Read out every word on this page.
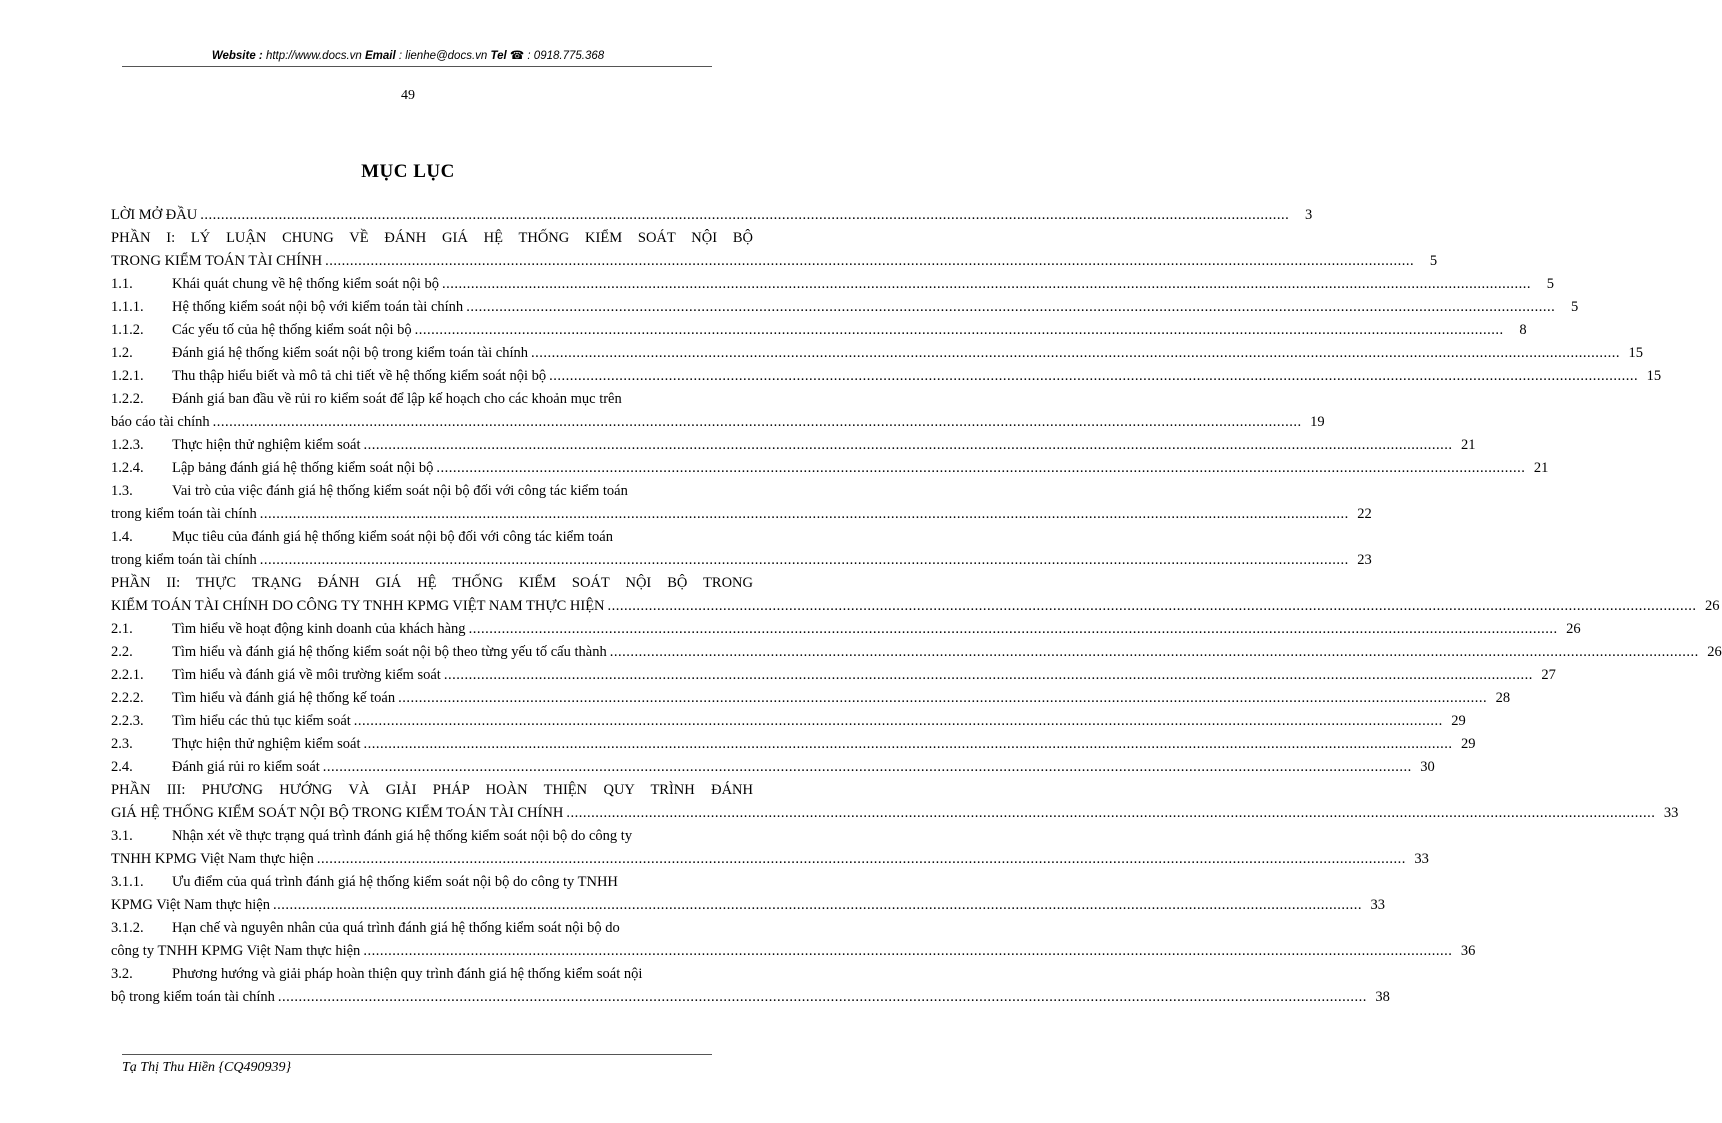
Website : http://www.docs.vn Email : lienhe@docs.vn Tel ☎ : 0918.775.368
49
MỤC LỤC
LỜI MỞ ĐẦU .....	3
PHẦN I: LÝ LUẬN CHUNG VỀ ĐÁNH GIÁ HỆ THỐNG KIỂM SOÁT NỘI BỘ
TRONG KIỂM TOÁN TÀI CHÍNH .....	5
1.1.	Khái quát chung về hệ thống kiểm soát nội bộ .....	5
1.1.1.	Hệ thống kiểm soát nội bộ với kiểm toán tài chính .....	5
1.1.2.	Các yếu tố của hệ thống kiểm soát nội bộ .....	8
1.2.	Đánh giá hệ thống kiểm soát nội bộ trong kiểm toán tài chính .....	15
1.2.1.	Thu thập hiểu biết và mô tả chi tiết về hệ thống kiểm soát nội bộ .....	15
1.2.2.	Đánh giá ban đầu về rủi ro kiểm soát để lập kế hoạch cho các khoản mục trên
báo cáo tài chính .....	19
1.2.3.	Thực hiện thử nghiệm kiểm soát .....	21
1.2.4.	Lập bảng đánh giá hệ thống kiểm soát nội bộ .....	21
1.3.	Vai trò của việc đánh giá hệ thống kiểm soát nội bộ đối với công tác kiểm toán
trong kiểm toán tài chính .....	22
1.4.	Mục tiêu của đánh giá hệ thống kiểm soát nội bộ đối với công tác kiểm toán
trong kiểm toán tài chính .....	23
PHẦN II: THỰC TRẠNG ĐÁNH GIÁ HỆ THỐNG KIỂM SOÁT NỘI BỘ TRONG
KIỂM TOÁN TÀI CHÍNH DO CÔNG TY TNHH KPMG VIỆT NAM THỰC HIỆN .....	26
2.1.	Tìm hiểu về hoạt động kinh doanh của khách hàng .....	26
2.2.	Tìm hiểu và đánh giá hệ thống kiểm soát nội bộ theo từng yếu tố cấu thành .....	26
2.2.1.	Tìm hiểu và đánh giá về môi trường kiểm soát .....	27
2.2.2.	Tìm hiểu và đánh giá hệ thống kế toán .....	28
2.2.3.	Tìm hiểu các thủ tục kiểm soát .....	29
2.3.	Thực hiện thử nghiệm kiểm soát .....	29
2.4.	Đánh giá rủi ro kiểm soát .....	30
PHẦN III: PHƯƠNG HƯỚNG VÀ GIẢI PHÁP HOÀN THIỆN QUY TRÌNH ĐÁNH
GIÁ HỆ THỐNG KIỂM SOÁT NỘI BỘ TRONG KIỂM TOÁN TÀI CHÍNH .....	33
3.1.	Nhận xét về thực trạng quá trình đánh giá hệ thống kiểm soát nội bộ do công ty
TNHH KPMG Việt Nam thực hiện .....	33
3.1.1.	Ưu điểm của quá trình đánh giá hệ thống kiểm soát nội bộ do công ty TNHH
KPMG Việt Nam thực hiện .....	33
3.1.2.	Hạn chế và nguyên nhân của quá trình đánh giá hệ thống kiểm soát nội bộ do
công ty TNHH KPMG Việt Nam thực hiện .....	36
3.2.	Phương hướng và giải pháp hoàn thiện quy trình đánh giá hệ thống kiểm soát nội
bộ trong kiểm toán tài chính .....	38
Tạ Thị Thu Hiền {CQ490939}
